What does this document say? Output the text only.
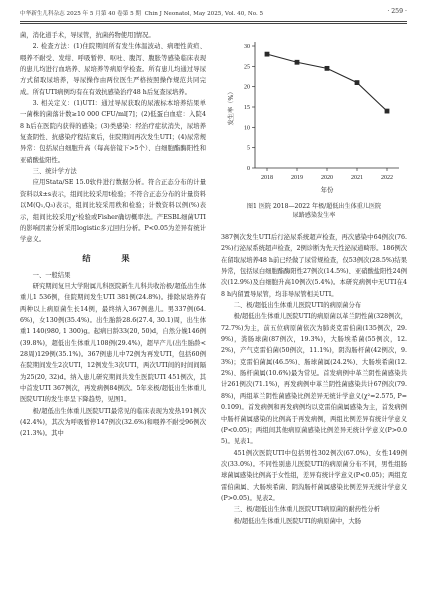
中华新生儿科杂志 2025 年 5 月第 40 卷第 5 期 Chin J Neonatol, May 2025, Vol. 40, No. 5	· 259 ·

菌，消化道手术，导尿管，抗菌药物使用]情况。

2. 检查方法：(1)住院期间所有发生体温波动、病理性黄疸、喂养不耐受、发绀、呼吸暂停、呕吐、腹泻、腹胀等感染临床表现的患儿均进行血培养、尿培养等病原学检查。所有患儿均通过导尿方式留取尿培养，导尿操作由两位医生严格按照操作规范共同完成。所有UTI病例均有在有效抗感染治疗48 h后复查尿培养。

3. 相关定义：(1)UTI：通过导尿获取的尿液标本培养结果单一菌株的菌落计数≥10 000 CFU/ml[7]；(2)低蛋白血症：入院48 h后在医院内获得的感染；(3)类感染：经治疗症状消失，尿培养复查阴性、抗感染疗程结束后，住院期间再次发生UTI；(4)尿常规异常：包括尿白细胞升高（每高倍镜下>5个）、白细胞酯酶阳性和亚硝酸盐阳性。

三、统计学方法

应用Stata/SE 15.0软件进行数据分析。符合正态分布的计量资料以x̄±s表示，组间比较采用t检验；不符合正态分布的计量资料以M(Q₁,Q₃)表示，组间比较采用秩和检验；计数资料以例(%)表示，组间比较采用χ²检验或Fisher确切概率法。产ESBL细菌UTI的影响因素分析采用logistic多元回归分析。P<0.05为差异有统计学意义。

结 果

一、一般结果

研究期间复旦大学附属儿科医院新生儿科共收治极/超低出生体重儿1 536例，住院期间发生UTI 381例(24.8%)。排除尿培养有两种以上病原菌生长14例，最终纳入367例患儿。男337例(64.6%)，女130例(35.4%)。出生胎龄28.6(27.4, 30.1)周，出生体重1 140(980, 1 300)g。起病日龄33(20, 50)d，自然分娩146例(39.8%)，超低出生体重儿108例(29.4%)，超早产儿(出生胎龄<28周)129例(35.1%)。367例患儿中72例为再发UTI，包括60例在院期间发生2次UTI，12例发生3次UTI，两次UTI间的时间间隔为25(20, 32)d。纳入患儿研究期间共发生医院UTI 451例次，其中首发UTI 367例次，再发病例84例次。5年来极/超低出生体重儿医院UTI的发生率呈下降趋势，见图1。

极/超低出生体重儿医院UTI最常见的临床表现为发热191例次(42.4%)，其次为呼吸暂停147例次(32.6%)和喂养不耐受96例次(21.3%)。其中

0
5
10
15
20
25
30
2018	2019	2020	2021	2022
发生率（%）
年份
图1 医院 2018—2022 年极/超低出生体重儿医院
尿路感染发生率

387例次发生UTI后行泌尿系统超声检查，再次感染中64例次(76.2%)行泌尿系统超声检查，2例诊断为先天性泌尿道畸形。186例次在留取尿培养48 h前已经做了尿常规检查，仅53例次(28.5%)结果异常，包括尿白细胞酯酶阳性27例次(14.5%)、亚硝酸盐阳性24例次(12.9%)及白细胞升高10例次(5.4%)。本研究病例中无UTI在48 h内留置导尿管，均非导尿管相关UTI。

二、极/超低出生体重儿医院UTI的病原菌分布

极/超低出生体重儿医院UTI的病原菌以革兰阴性菌(328例次，72.7%)为主，前五位病原菌依次为肺炎克雷伯菌(135例次，29.9%)，粪肠球菌(87例次，19.3%)，大肠埃希菌(55例次，12.2%)，产气克雷伯菌(50例次，11.1%)，阴沟肠杆菌(42例次，9.3%)；克雷伯菌属(46.5%)、肠球菌属(24.2%)、大肠埃希菌(12.2%)、肠杆菌属(10.6%)最为常见。首发病例中革兰阴性菌感染共计261例次(71.1%)，再发病例中革兰阴性菌感染共计67例次(79.8%)，两组革兰阴性菌感染比例差异无统计学意义(χ²=2.575, P=0.109)。首发病例和再发病例均以克雷伯菌属感染为主，首发病例中肠杆菌属感染的比例高于再发病例，两组比例差异有统计学意义(P<0.05)；两组间其他病原菌感染比例差异无统计学意义(P>0.05)。见表1。

451例次医院UTI中包括男性302例次(67.0%)、女性149例次(33.0%)。不同性别患儿医院UTI的病原菌分布不同，男性组肠球菌属感染比例高于女性组，差异有统计学意义(P<0.05)；两组克雷伯菌属、大肠埃希菌、阴沟肠杆菌属感染比例差异无统计学意义(P>0.05)。见表2。

三、极/超低出生体重儿医院UTI病原菌的耐药性分析

极/超低出生体重儿医院UTI的病原菌中，大肠
